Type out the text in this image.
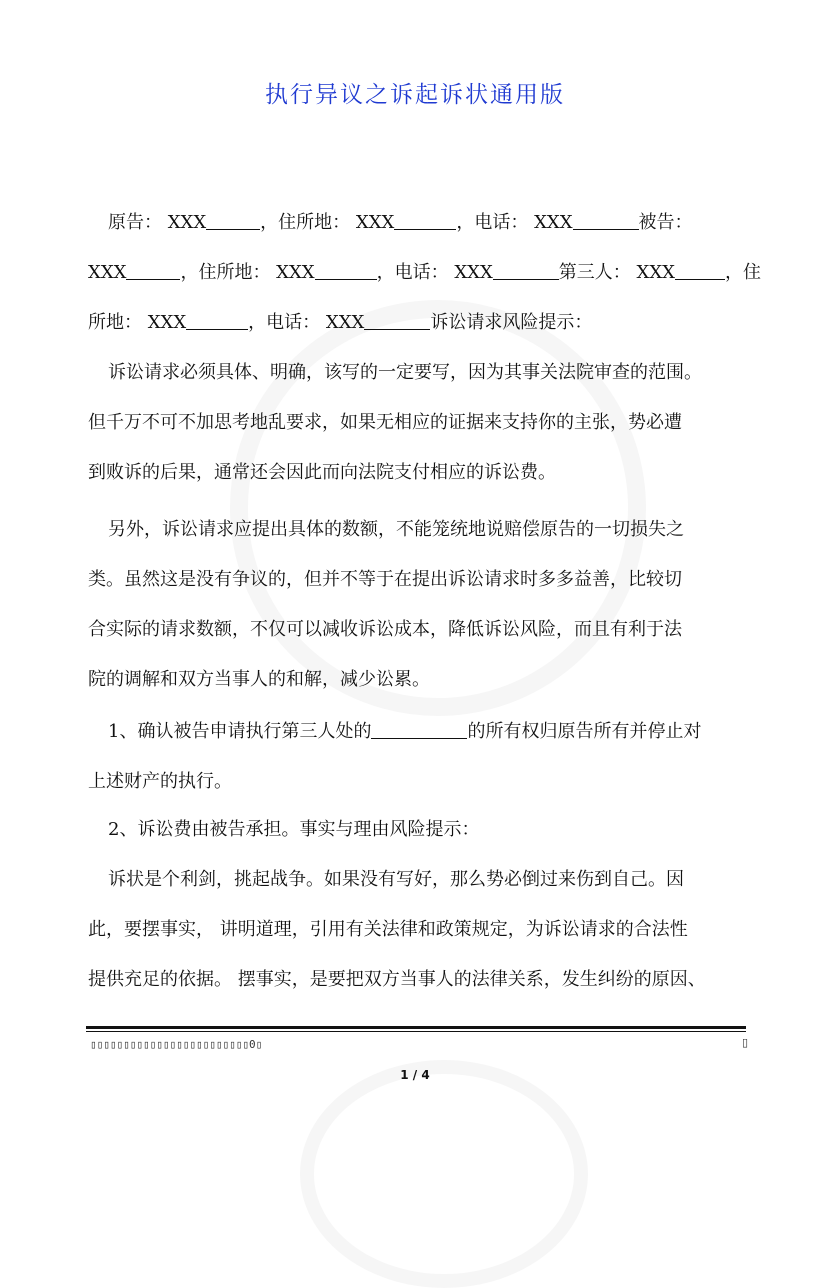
执行异议之诉起诉状通用版
原告： XXX	，住所地： XXX	，电话： XXX	被告：
XXX	，住所地： XXX	，电话： XXX	第三人： XXX	，住
所地： XXX	，电话： XXX	诉讼请求风险提示：
诉讼请求必须具体、明确，该写的一定要写，因为其事关法院审查的范围。
但千万不可不加思考地乱要求，如果无相应的证据来支持你的主张，势必遭
到败诉的后果，通常还会因此而向法院支付相应的诉讼费。
另外，诉讼请求应提出具体的数额，不能笼统地说赔偿原告的一切损失之
类。虽然这是没有争议的，但并不等于在提出诉讼请求时多多益善，比较切
合实际的请求数额，不仅可以减收诉讼成本，降低诉讼风险，而且有利于法
院的调解和双方当事人的和解，减少讼累。
1、确认被告申请执行第三人处的	的所有权归原告所有并停止对
上述财产的执行。
2、诉讼费由被告承担。事实与理由风险提示：
诉状是个利剑，挑起战争。如果没有写好，那么势必倒过来伤到自己。因
此，要摆事实， 讲明道理，引用有关法律和政策规定，为诉讼请求的合法性
提供充足的依据。 摆事实，是要把双方当事人的法律关系，发生纠纷的原因、
▯▯▯▯▯▯▯▯▯▯▯▯▯▯▯▯▯▯▯▯▯▯▯▯0▯	▯
1 / 4
